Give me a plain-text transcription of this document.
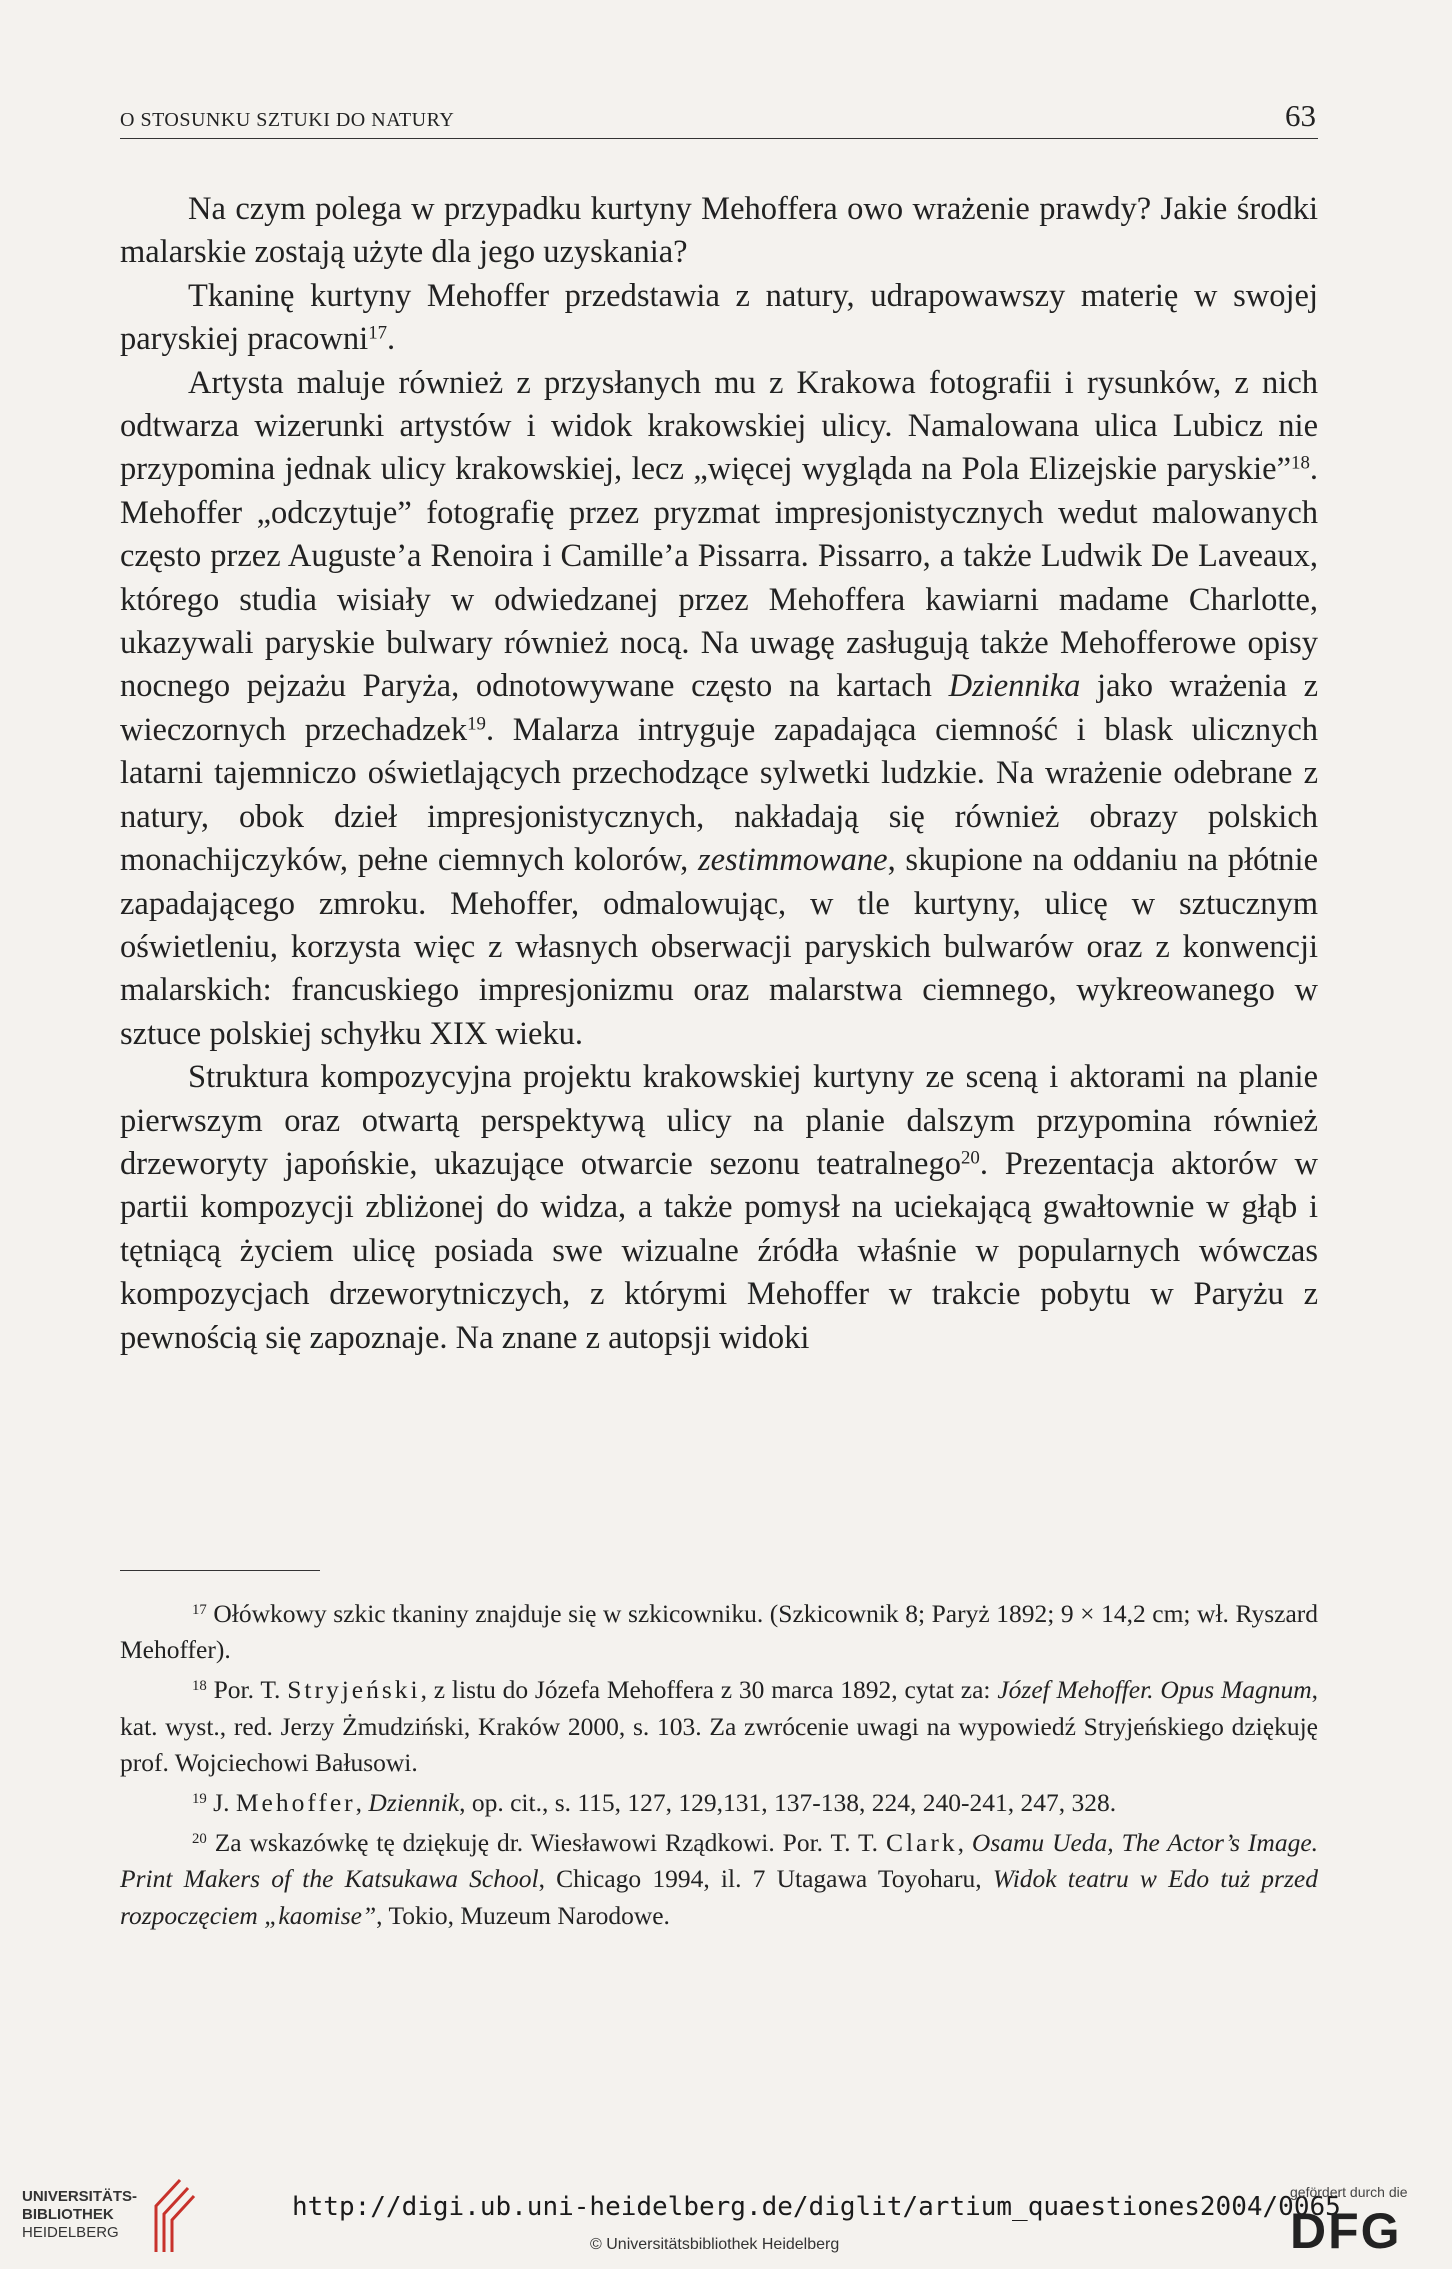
O STOSUNKU SZTUKI DO NATURY	63

Na czym polega w przypadku kurtyny Mehoffera owo wrażenie prawdy? Jakie środki malarskie zostają użyte dla jego uzyskania?

Tkaninę kurtyny Mehoffer przedstawia z natury, udrapowawszy materię w swojej paryskiej pracowni$^{17}$.

Artysta maluje również z przysłanych mu z Krakowa fotografii i rysunków, z nich odtwarza wizerunki artystów i widok krakowskiej ulicy. Namalowana ulica Lubicz nie przypomina jednak ulicy krakowskiej, lecz „więcej wygląda na Pola Elizejskie paryskie”$^{18}$. Mehoffer „odczytuje” fotografię przez pryzmat impresjonistycznych wedut malowanych często przez Auguste’a Renoira i Camille’a Pissarra. Pissarro, a także Ludwik De Laveaux, którego studia wisiały w odwiedzanej przez Mehoffera kawiarni madame Charlotte, ukazywali paryskie bulwary również nocą. Na uwagę zasługują także Mehofferowe opisy nocnego pejzażu Paryża, odnotowywane często na kartach Dziennika jako wrażenia z wieczornych przechadzek$^{19}$. Malarza intryguje zapadająca ciemność i blask ulicznych latarni tajemniczo oświetlających przechodzące sylwetki ludzkie. Na wrażenie odebrane z natury, obok dzieł impresjonistycznych, nakładają się również obrazy polskich monachijczyków, pełne ciemnych kolorów, zestimmowane, skupione na oddaniu na płótnie zapadającego zmroku. Mehoffer, odmalowując, w tle kurtyny, ulicę w sztucznym oświetleniu, korzysta więc z własnych obserwacji paryskich bulwarów oraz z konwencji malarskich: francuskiego impresjonizmu oraz malarstwa ciemnego, wykreowanego w sztuce polskiej schyłku XIX wieku.

Struktura kompozycyjna projektu krakowskiej kurtyny ze sceną i aktorami na planie pierwszym oraz otwartą perspektywą ulicy na planie dalszym przypomina również drzeworyty japońskie, ukazujące otwarcie sezonu teatralnego$^{20}$. Prezentacja aktorów w partii kompozycji zbliżonej do widza, a także pomysł na uciekającą gwałtownie w głąb i tętniącą życiem ulicę posiada swe wizualne źródła właśnie w popularnych wówczas kompozycjach drzeworytniczych, z którymi Mehoffer w trakcie pobytu w Paryżu z pewnością się zapoznaje. Na znane z autopsji widoki

$^{17}$ Ołówkowy szkic tkaniny znajduje się w szkicowniku. (Szkicownik 8; Paryż 1892; 9 × 14,2 cm; wł. Ryszard Mehoffer).

$^{18}$ Por. T. Stryjeński, z listu do Józefa Mehoffera z 30 marca 1892, cytat za: Józef Mehoffer. Opus Magnum, kat. wyst., red. Jerzy Żmudziński, Kraków 2000, s. 103. Za zwrócenie uwagi na wypowiedź Stryjeńskiego dziękuję prof. Wojciechowi Bałusowi.

$^{19}$ J. Mehoffer, Dziennik, op. cit., s. 115, 127, 129,131, 137-138, 224, 240-241, 247, 328.

$^{20}$ Za wskazówkę tę dziękuję dr. Wiesławowi Rządkowi. Por. T. T. Clark, Osamu Ueda, The Actor’s Image. Print Makers of the Katsukawa School, Chicago 1994, il. 7 Utagawa Toyoharu, Widok teatru w Edo tuż przed rozpoczęciem „kaomise”, Tokio, Muzeum Narodowe.

UNIVERSITÄTS-
BIBLIOTHEK
HEIDELBERG
http://digi.ub.uni-heidelberg.de/diglit/artium_quaestiones2004/0065
© Universitätsbibliothek Heidelberg
gefördert durch die
DFG
